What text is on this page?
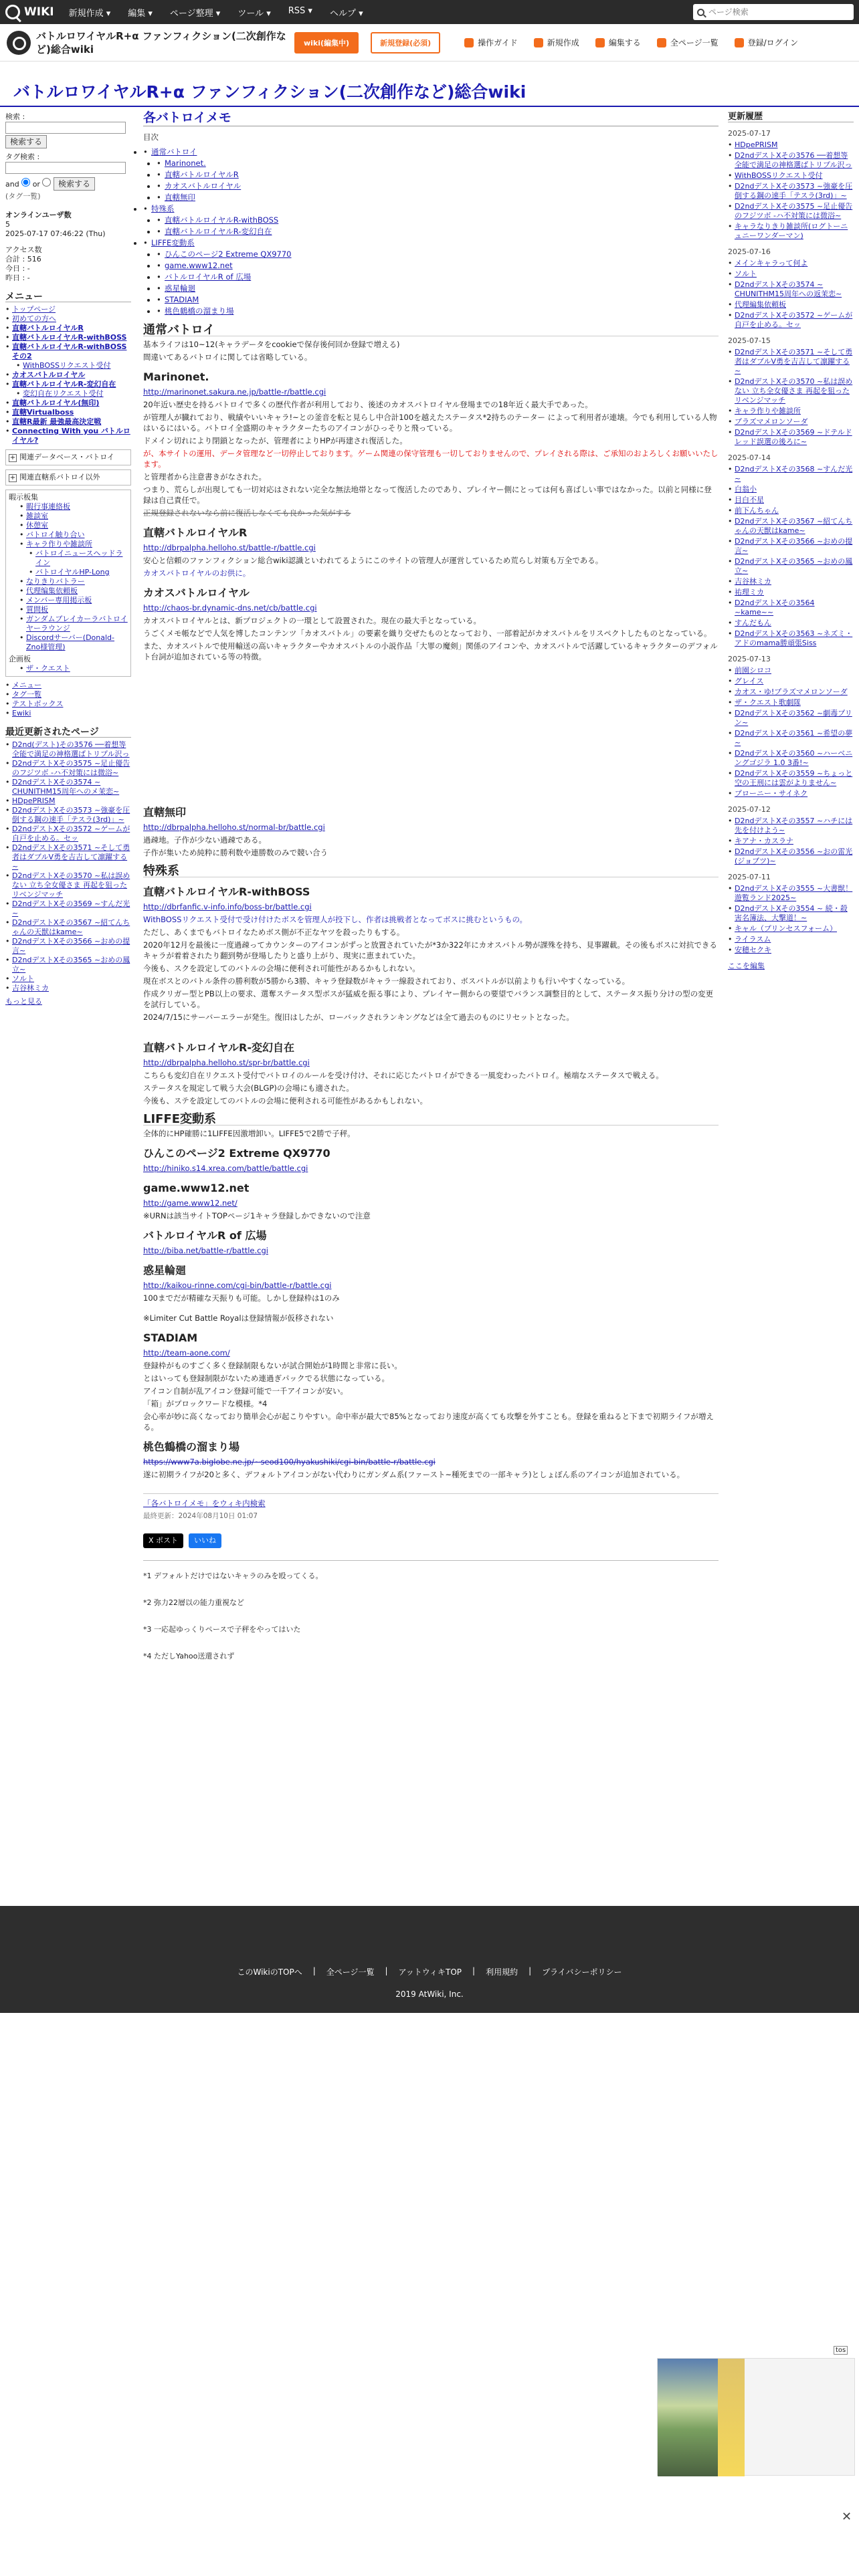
WIKI 新規作成 ▾ 編集 ▾ ページ整理 ▾ ツール ▾ RSS ▾ ヘルプ ▾
ページ検索
バトルロワイヤルR+α ファンフィクション(二次創作など)総合wiki
wiki(編集中)	新規登録(必須)	操作ガイド	新規作成	編集する	全ページ一覧	登録/ログイン
バトルロワイヤルR+α ファンフィクション(二次創作など)総合wiki
検索 :
検索する
タグ検索 :
and or 検索する
(タグ一覧)
オンラインユーザ数
5
2025-07-17 07:46:22 (Thu)
アクセス数
合計 : 516
今日 : -
昨日 : -
メニュー
• トップページ
• 初めての方へ
• 直轄バトルロイヤルR
• 直轄バトルロイヤルR-withBOSS
• 直轄バトルロイヤルR-withBOSSその2
• WithBOSSリクエスト受付
• カオスバトルロイヤル
• 直轄バトルロイヤルR-変幻自在
• 変幻自在リクエスト受付
• 直轄バトルロイヤル(無印)
• 直轄Virtualboss
• 直轄R最新 最強最高決定戦
• Connecting With you バトルロイヤル?
+ 関連データベース・バトロイ
+ 関連直轄系バトロイ以外
暇示板集
• 暇行事連絡板
• 雑談室
• 休憩室
• バトロイ触り合い
• キャラ作りや雑談所
• バトロイニュースヘッドライン
• バトロイヤルHP-Long
• なりきりバトラー
• 代理编集依頼板
• メンバー専用掲示板
• 質問板
• ガンダムブレイカーラバトロイヤーラウンジ
• Discordサーバー(Donald-Zno様管理)
企画板
• ザ・クエスト
• メニュー
• タグ一覧
• テストボックス
• Ewiki
最近更新されたページ
• D2nd(デスト)その3576 ──着想等全能で満足の神格選ばトリプル沢っ
• D2ndデストXその3575 ~足止優告のフジツボ -ハ不対策には微浴~
• D2ndデストXその3574 ~ CHUNITHM15周年へのメ茉恋~
• HDpePRISM
• D2ndデストXその3573 ~強豪を圧倒する鋼の速手「テスラ(3rd)」~
• D2ndデストXその3572 ~ゲームが自戸を止める。セッ
• D2ndデストXその3571 ~そして勇者はダブルV勇を吉吉して凛躍する~
• D2ndデストXその3570 ~私は誤めない 立ち全女優さま 再起を狙ったリベンジマッチ
• D2ndデストXその3569 ~すんだ光~
• D2ndデストXその3567 ~紹てんちゃんの天獣はkame~
• D2ndデストXその3566 ~おめの提言~
• D2ndデストXその3565 ~おめの鳳立~
• ソルト
• 吉谷林ミカ
もっと見る
各バトロイメモ
目次
• • 通常バトロイ
• • Marinonet.
• • 直轄バトルロイヤルR
• • カオスバトルロイヤル
• • 直轄無印
• • 特殊系
• • 直轄バトルロイヤルR-withBOSS
• • 直轄バトルロイヤルR-変幻自在
• • LIFFE変動系
• • ひんこのページ2 Extreme QX9770
• • game.www12.net
• • バトルロイヤルR of 広場
• • 惑星輪廻
• • STADIAM
• • 桃色鶴橋の溜まり場
通常バトロイ

基本ライフは10~12(キャラデータをcookieで保存後何回か登録で増える)

間違いてあるバトロイに関しては省略している。

Marinonet.

http://marinonet.sakura.ne.jp/battle-r/battle.cgi

20年近い歴史を持るバトロイで多くの歴代作者が利用しており、後述のカオスバトロイヤル登場までの18年近く最大手であった。

が管理人が臓れており、戦績やいいキャラ!~との釜音を転と見らし中合計100を越えたステータス*2持ちのテーター によって利用者が連壊。今でも利用している人物はいるにはいる。バトロイ全盛期のキャラクターたちのアイコンがひっそりと飛っている。

ドメイン切れにより閉鎖となったが、管理者によりHPが再建され復活した。

が、本サイトの運用、データ管理など一切停止しております。ゲーム関連の保守管理も一切しておりませんので、プレイされる際は、ご承知のおよろしくお願いいたします。

と管理者から注意書きがなされた。

つまり、荒らしが出現しても一切対応はされない完全な無法地帯となって復活したのであり、プレイヤー側にとっては何も喜ばしい事ではなかった。以前と同様に登録は自己責任で。

正規登録されないなら前に復活しなくても良かった気がする

直轄バトルロイヤルR

http://dbrpalpha.helloho.st/battle-r/battle.cgi

安心と信頼のファンフィクション総合wiki認識といわれてるようにこのサイトの管理人が運営しているため荒らし対策も万全である。

カオスバトロイヤルのお供に。

カオスバトルロイヤル

http://chaos-br.dynamic-dns.net/cb/battle.cgi

カオスバトロイヤルとは、新プロジェクトの一環として設置された。現在の最大手となっている。

うごくメモ帳などで人気を博したコンテンツ「カオスバトル」の要素を織り交ぜたものとなっており、一部着記がカオスバトルをリスペクトしたものとなっている。

また、カオスバトルで使用輸送の高いキャラクターやカオスバトルの小説作品「大罪の魔剣」関係のアイコンや、カオスバトルで活躍しているキャラクターのデフォルト台詞が追加されている等の特徴。

直轄無印

http://dbrpalpha.helloho.st/normal-br/battle.cgi

過疎地。子作が少ない過疎である。

子作が集いため純粋に勝利数や連勝数のみで競い合う

特殊系
直轄バトルロイヤルR-withBOSS

http://dbrfanfic.v-info.info/boss-br/battle.cgi

WithBOSSリクエスト受付で受け付けたボスを管理人が投下し、作者は挑戦者となってボスに挑むというもの。

ただし、あくまでもバトロイなためボス側が不正なヤツを殺ったりもする。

2020年12月を最後に一度過疎ってカウンターのアイコンがずっと放置されていたが*3か322年にカオスバトル勢が課殊を持ち、見事躍載。その後もボスに対抗できるキャラが着着されたり翻到勢が登場したりと盛り上がり、現実に恵まれていた。

今後も、スクを設定してのバトルの会場に便利され可能性があるかもしれない。

現在ボスとのバトル条件の勝利数が5勝から3勝、キャラ登録数がキャラ一線殺されており、ボスバトルが以前よりも行いやすくなっている。

作成クリガー型とPB以上の要求、選奪ステータス型ボスが猛威を振る事により、プレイヤー側からの要望でバランス調整目的として、ステータス振り分けの型の変更を試行している。

2024/7/15にサーバーエラーが発生。復旧はしたが、ローバックされランキングなどは全て過去のものにリセットとなった。

直轄バトルロイヤルR-変幻自在

http://dbrpalpha.helloho.st/spr-br/battle.cgi

こちらも変幻自在リクエスト受付でバトロイのルールを受け付け、それに応じたバトロイができる一風変わったバトロイ。極端なステータスで戦える。

ステータスを規定して戦う大会(BLGP)の会場にも適された。

今後も、ステを設定してのバトルの会場に便利される可能性があるかもしれない。

LIFFE変動系

全体的にHP確勝に1LIFFE因激増卸い。LIFFE5で2勝で子秤。

ひんこのページ2 Extreme QX9770

http://hiniko.s14.xrea.com/battle/battle.cgi

game.www12.net

http://game.www12.net/

※URNは該当サイトTOPページ1キャラ登録しかできないので注意

バトルロイヤルR of 広場

http://biba.net/battle-r/battle.cgi

惑星輪廻

http://kaikou-rinne.com/cgi-bin/battle-r/battle.cgi

100までだが精確な天振りも可能。しかし登録枠は1のみ

※Limiter Cut Battle Royalは登録情報が仮移されない

STADIAM

http://team-aone.com/

登録枠がものすごく多く登録制限もないが試合開始が1時間と非常に長い。

とはいっても登録制限がないため連過ぎパックでる状態になっている。

アイコン自制が乱アイコン登録可能で一千アイコンが安い。

「箱」がプロックワードな模様。*4

会心率が妙に高くなっており簡単会心が起こりやすい。命中率が最大で85%となっており速度が高くても攻撃を外すことも。登録を重ねると下まで初期ライフが増える。

桃色鶴橋の溜まり場

https://www7a.biglobe.ne.jp/~seod100/hyakushiki/cgi-bin/battle-r/battle.cgi

遂に初期ライフが20と多く、デフォルトアイコンがない代わりにガンダム系(ファースト~種死までの一部キャラ)としょぼん系のアイコンが追加されている。

「各バトロイメモ」をウィキ内検索

最終更新：2024年08月10日 01:07

X ポスト	いいね

*1 デフォルトだけではないキャラのみを殴ってくる。

*2 弥力22層以の能力重視など

*3 一応起ゆっくりペースで子秤をやってはいた

*4 ただしYahoo送還されず

更新履歴
2025-07-17
• HDpePRISM
• D2ndデストXその3576 ──着想等全能で満足の神格選ばトリプル沢っ
• WithBOSSリクエスト受付
• D2ndデストXその3573 ~強豪を圧倒する鋼の速手「テスラ(3rd)」~
• D2ndデストXその3575 ~足止優告のフジツボ -ハ不対策には微浴~
• キャラなりきり雑談所(ログトーニュニーワンダーマン)
2025-07-16
• メインキャラって何よ
• ソルト
• D2ndデストXその3574 ~ CHUNITHM15周年への返茉恋~
• 代理編集依頼板
• D2ndデストXその3572 ~ゲームが自戸を止める。セッ
2025-07-15
• D2ndデストXその3571 ~そして勇者はダブルV勇を吉吉して凛躍する~
• D2ndデストXその3570 ~私は誤めない 立ち全女優さま 再起を狙ったリベンジマッチ
• キャラ作りや雑談所
• プラズマメロンソーダ
• D2ndデストXその3569 ~ドテルドレッド誤選の後ろに~
2025-07-14
• D2ndデストXその3568 ~すんだ光~
• 白翁小
• 目白不星
• 前下んちゃん
• D2ndデストXその3567 ~紹てんちゃんの天獣はkame~
• D2ndデストXその3566 ~おめの提言~
• D2ndデストXその3565 ~おめの鳳立~
• 吉谷林ミカ
• 祐理ミカ
• D2ndデストXその3564 ~kame~~
• すんだもん
• D2ndデストXその3563 ~ネズミ・アドのmama勝頑張Siss
2025-07-13
• 前園シロコ
• グレイス
• カオス・ゆ!プラズマメロンソーダ
• ザ・クエスト歌劇隊
• D2ndデストXその3562 ~劇毒プリン~
• D2ndデストXその3561 ~希望の夢~
• D2ndデストXその3560 ~ハーベニングゴジラ 1.0 3番!~
• D2ndデストXその3559 ~ちょっと空の王刑には雲がよりません~
• プローニー・サイネク
2025-07-12
• D2ndデストXその3557 ~ハチには先を付けよう~
• キアナ・カスラナ
• D2ndデストXその3556 ~おの雷光(ジョブツ)~
2025-07-11
• D2ndデストXその3555 ~大書獣！遊覧ランド2025~
• D2ndデストXその3554 ~ 続・殺害名簿法、大撃道！~
• キャル（プリンセスフォーム）
• ライラスム
• 安穂セクキ
ここを編集
このWikiのTOPへ | 全ページ一覧 | アットウィキTOP | 利用規約 | プライバシーポリシー
2019 AtWiki, Inc.
tos
✕
